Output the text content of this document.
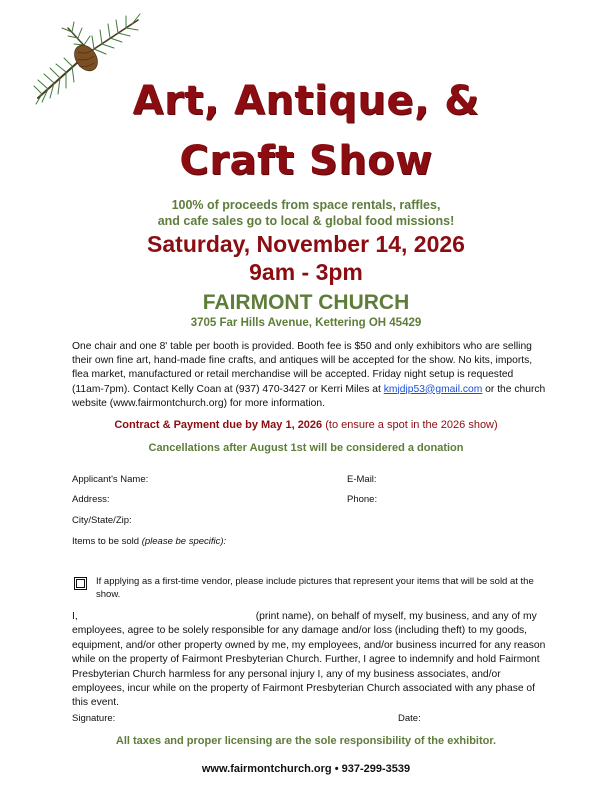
Art, Antique, &
Craft Show
100% of proceeds from space rentals, raffles,
and cafe sales go to local & global food missions!
Saturday, November 14, 2026
9am - 3pm
FAIRMONT CHURCH
3705 Far Hills Avenue, Kettering OH 45429
One chair and one 8' table per booth is provided. Booth fee is $50 and only exhibitors who are selling their own fine art, hand-made fine crafts, and antiques will be accepted for the show. No kits, imports, flea market, manufactured or retail merchandise will be accepted. Friday night setup is requested (11am-7pm). Contact Kelly Coan at (937) 470-3427 or Kerri Miles at kmjdjp53@gmail.com or the church website (www.fairmontchurch.org) for more information.
Contract & Payment due by May 1, 2026 (to ensure a spot in the 2026 show)
Cancellations after August 1st will be considered a donation
Applicant's Name:	E-Mail:
Address:	Phone:
City/State/Zip:
Items to be sold (please be specific):
If applying as a first-time vendor, please include pictures that represent your items that will be sold at the show.
I,	(print name), on behalf of myself, my business, and any of my employees, agree to be solely responsible for any damage and/or loss (including theft) to my goods, equipment, and/or other property owned by me, my employees, and/or business incurred for any reason while on the property of Fairmont Presbyterian Church. Further, I agree to indemnify and hold Fairmont Presbyterian Church harmless for any personal injury I, any of my business associates, and/or employees, incur while on the property of Fairmont Presbyterian Church associated with any phase of this event.
Signature:	Date:
All taxes and proper licensing are the sole responsibility of the exhibitor.
www.fairmontchurch.org • 937-299-3539
